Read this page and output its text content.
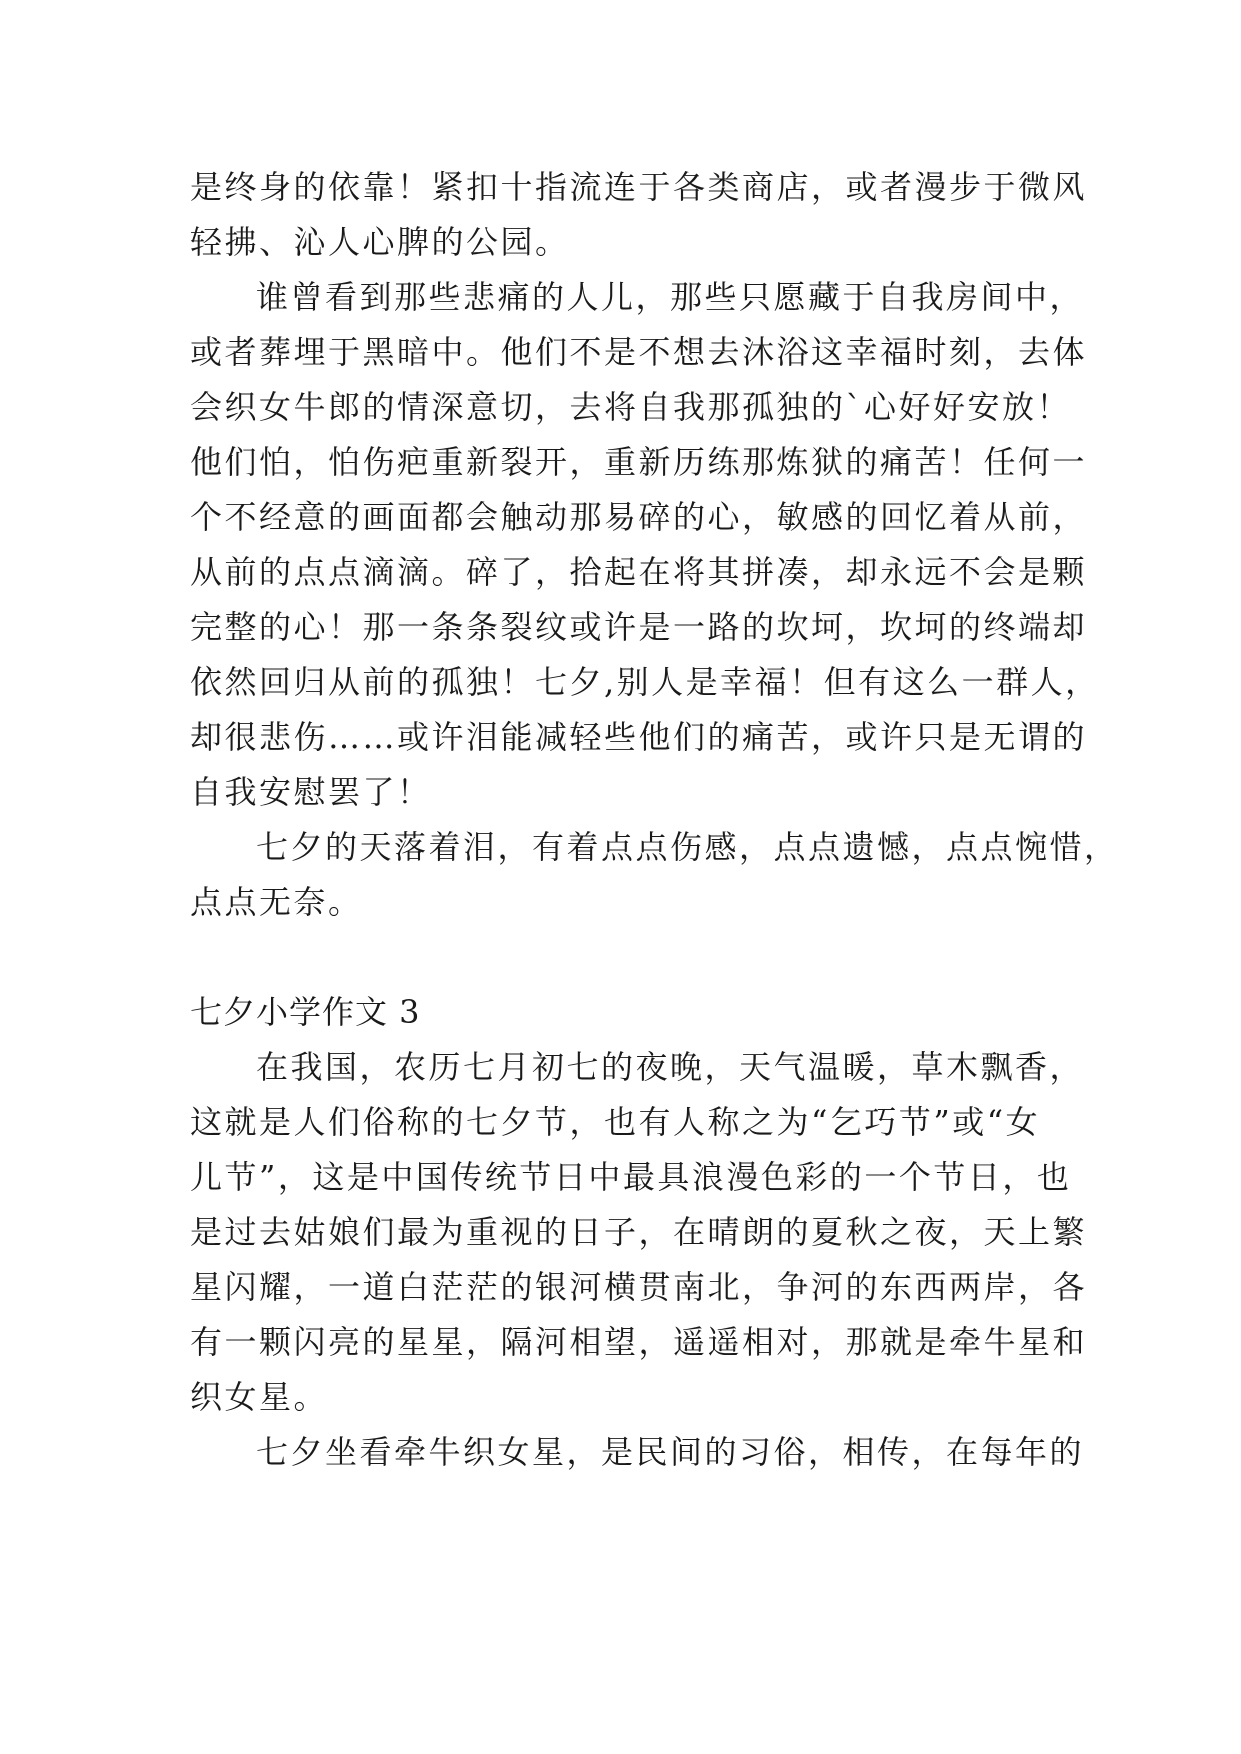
是终身的依靠！紧扣十指流连于各类商店，或者漫步于微风
轻拂、沁人心脾的公园。
谁曾看到那些悲痛的人儿，那些只愿藏于自我房间中，
或者葬埋于黑暗中。他们不是不想去沐浴这幸福时刻，去体
会织女牛郎的情深意切，去将自我那孤独的`心好好安放！
他们怕，怕伤疤重新裂开，重新历练那炼狱的痛苦！任何一
个不经意的画面都会触动那易碎的心，敏感的回忆着从前，
从前的点点滴滴。碎了，拾起在将其拼凑，却永远不会是颗
完整的心！那一条条裂纹或许是一路的坎坷，坎坷的终端却
依然回归从前的孤独！七夕,别人是幸福！但有这么一群人，
却很悲伤……或许泪能减轻些他们的痛苦，或许只是无谓的
自我安慰罢了！
七夕的天落着泪，有着点点伤感，点点遗憾，点点惋惜，
点点无奈。
七夕小学作文 3
在我国，农历七月初七的夜晚，天气温暖，草木飘香，
这就是人们俗称的七夕节，也有人称之为“乞巧节”或“女
儿节”，这是中国传统节日中最具浪漫色彩的一个节日，也
是过去姑娘们最为重视的日子，在晴朗的夏秋之夜，天上繁
星闪耀，一道白茫茫的银河横贯南北，争河的东西两岸，各
有一颗闪亮的星星，隔河相望，遥遥相对，那就是牵牛星和
织女星。
七夕坐看牵牛织女星，是民间的习俗，相传，在每年的
